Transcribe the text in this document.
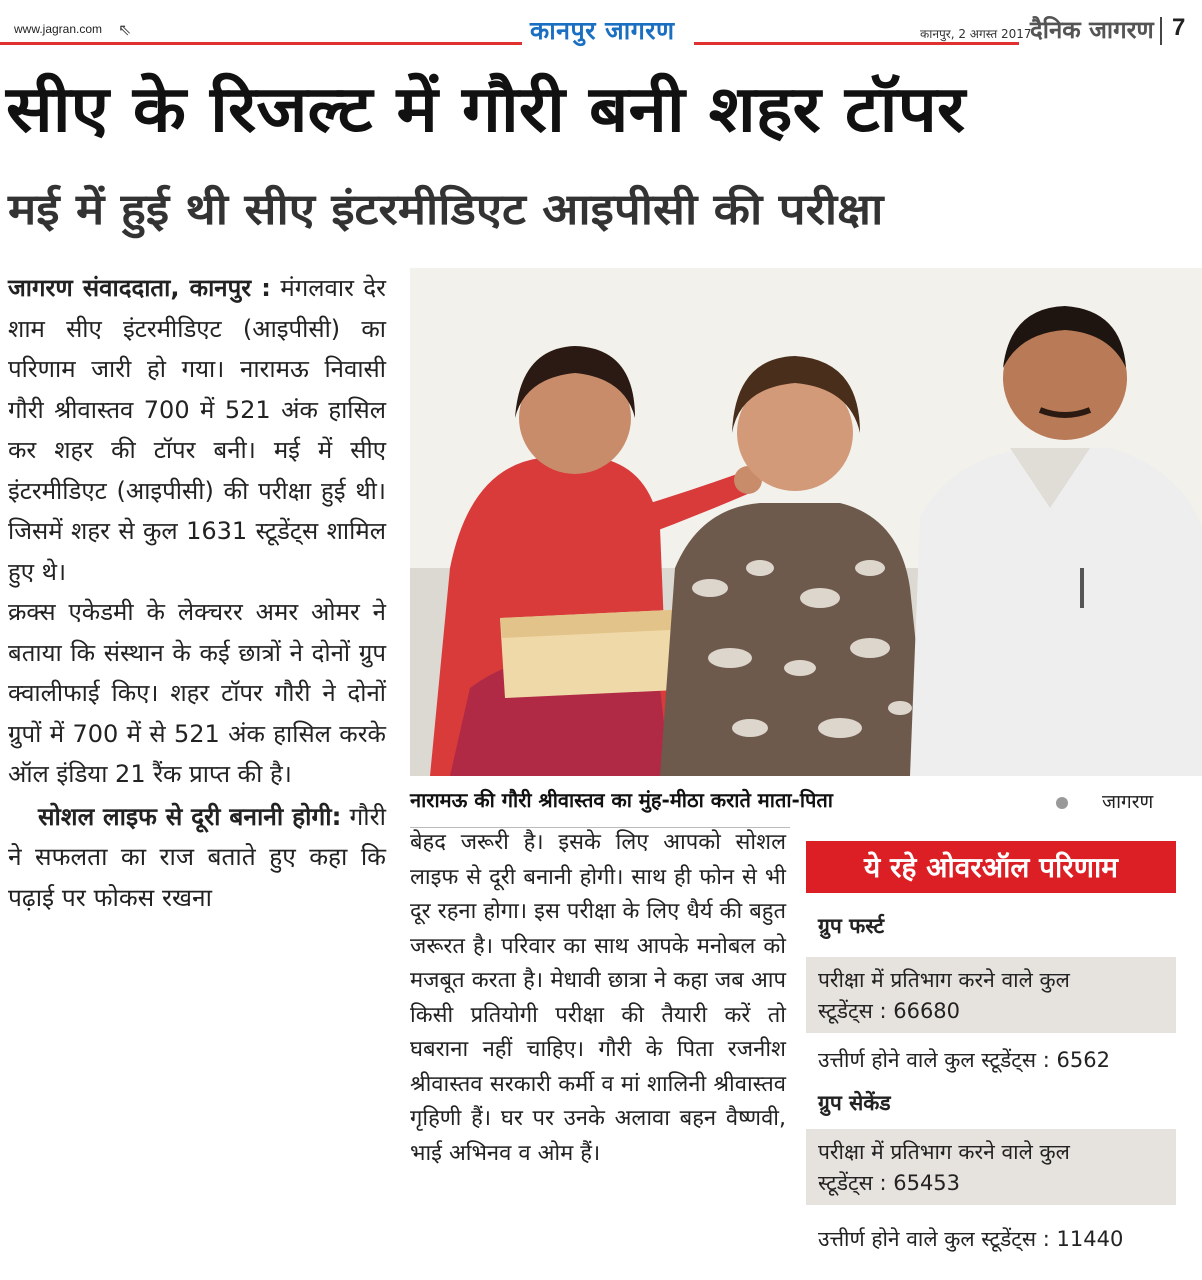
www.jagran.com ⇖	कानपुर जागरण	कानपुर, 2 अगस्त 2017
दैनिक जागरण 7
सीए के रिजल्ट में गौरी बनी शहर टॉपर
मई में हुई थी सीए इंटरमीडिएट आइपीसी की परीक्षा

जागरण संवाददाता, कानपुर : मंगलवार देर शाम सीए इंटरमीडिएट (आइपीसी) का परिणाम जारी हो गया। नारामऊ निवासी गौरी श्रीवास्तव 700 में 521 अंक हासिल कर शहर की टॉपर बनी। मई में सीए इंटरमीडिएट (आइपीसी) की परीक्षा हुई थी। जिसमें शहर से कुल 1631 स्टूडेंट्स शामिल हुए थे।

क्रक्स एकेडमी के लेक्चरर अमर ओमर ने बताया कि संस्थान के कई छात्रों ने दोनों ग्रुप क्वालीफाई किए। शहर टॉपर गौरी ने दोनों ग्रुपों में 700 में से 521 अंक हासिल करके ऑल इंडिया 21 रैंक प्राप्त की है।

सोशल लाइफ से दूरी बनानी होगी: गौरी ने सफलता का राज बताते हुए कहा कि पढ़ाई पर फोकस रखना

नारामऊ की गौरी श्रीवास्तव का मुंह-मीठा कराते माता-पिता	जागरण
बेहद जरूरी है। इसके लिए आपको सोशल लाइफ से दूरी बनानी होगी। साथ ही फोन से भी दूर रहना होगा। इस परीक्षा के लिए धैर्य की बहुत जरूरत है। परिवार का साथ आपके मनोबल को मजबूत करता है। मेधावी छात्रा ने कहा जब आप किसी प्रतियोगी परीक्षा की तैयारी करें तो घबराना नहीं चाहिए। गौरी के पिता रजनीश श्रीवास्तव सरकारी कर्मी व मां शालिनी श्रीवास्तव गृहिणी हैं। घर पर उनके अलावा बहन वैष्णवी, भाई अभिनव व ओम हैं।
ये रहे ओवरऑल परिणाम
ग्रुप फर्स्ट
परीक्षा में प्रतिभाग करने वाले कुल स्टूडेंट्स : 66680
उत्तीर्ण होने वाले कुल स्टूडेंट्स : 6562
ग्रुप सेकेंड
परीक्षा में प्रतिभाग करने वाले कुल स्टूडेंट्स : 65453
उत्तीर्ण होने वाले कुल स्टूडेंट्स : 11440
